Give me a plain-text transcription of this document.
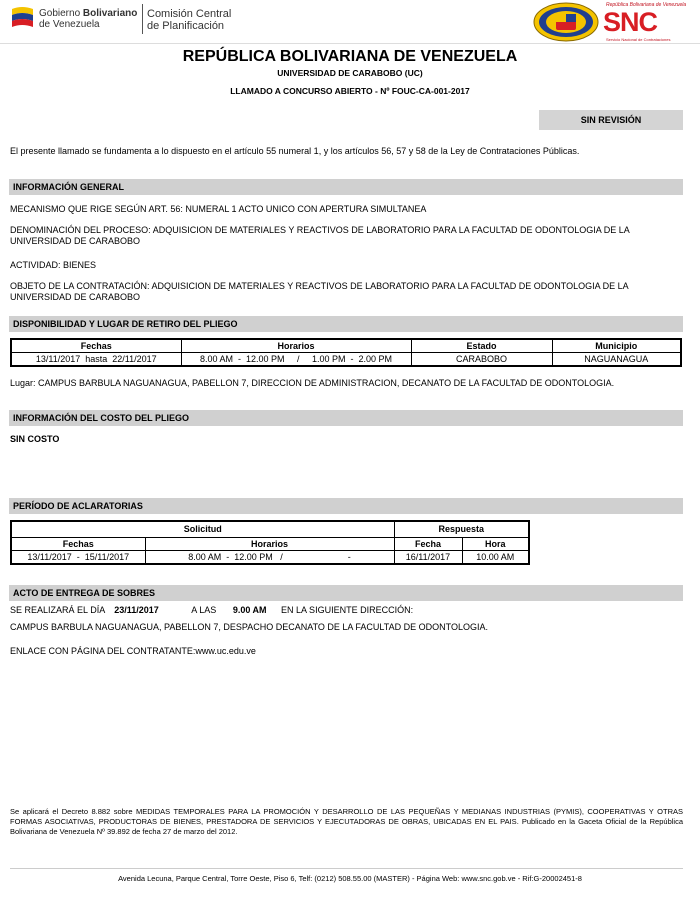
Gobierno Bolivariano
de Venezuela
Comisión Central
de Planificación
República Bolivariana de Venezuela
SNC
Servicio Nacional de Contrataciones
REPÚBLICA BOLIVARIANA DE VENEZUELA
UNIVERSIDAD DE CARABOBO (UC)
LLAMADO A CONCURSO ABIERTO - Nº FOUC-CA-001-2017
SIN REVISIÓN
El presente llamado se fundamenta a lo dispuesto en el artículo 55 numeral 1, y los artículos 56, 57 y 58 de la Ley de Contrataciones Públicas.
INFORMACIÓN GENERAL
MECANISMO QUE RIGE SEGÚN ART. 56: NUMERAL 1 ACTO UNICO CON APERTURA SIMULTANEA
DENOMINACIÓN DEL PROCESO: ADQUISICION DE MATERIALES Y REACTIVOS DE LABORATORIO PARA LA FACULTAD DE ODONTOLOGIA DE LA UNIVERSIDAD DE CARABOBO
ACTIVIDAD: BIENES
OBJETO DE LA CONTRATACIÓN: ADQUISICION DE MATERIALES Y REACTIVOS DE LABORATORIO PARA LA FACULTAD DE ODONTOLOGIA DE LA UNIVERSIDAD DE CARABOBO
DISPONIBILIDAD Y LUGAR DE RETIRO DEL PLIEGO
Fechas	Horarios	Estado	Municipio
13/11/2017  hasta  22/11/2017	8.00 AM  -  12.00 PM     /     1.00 PM  -  2.00 PM	CARABOBO	NAGUANAGUA
Lugar: CAMPUS BARBULA NAGUANAGUA, PABELLON 7, DIRECCION DE ADMINISTRACION, DECANATO DE LA FACULTAD DE ODONTOLOGIA.
INFORMACIÓN DEL COSTO DEL PLIEGO
SIN COSTO
PERÍODO DE ACLARATORIAS
Solicitud		Respuesta	
Fechas	Horarios	Fecha	Hora
13/11/2017  -  15/11/2017	8.00 AM  -  12.00 PM   /                          -	16/11/2017	10.00 AM
ACTO DE ENTREGA DE SOBRES
SE REALIZARÁ EL DÍA 23/11/2017	A LAS 9.00 AM EN LA SIGUIENTE DIRECCIÓN:
CAMPUS BARBULA NAGUANAGUA, PABELLON 7, DESPACHO DECANATO DE LA FACULTAD DE ODONTOLOGIA.
ENLACE CON PÁGINA DEL CONTRATANTE:www.uc.edu.ve
Se aplicará el Decreto 8.882 sobre MEDIDAS TEMPORALES PARA LA PROMOCIÓN Y DESARROLLO DE LAS PEQUEÑAS Y MEDIANAS INDUSTRIAS (PYMIS), COOPERATIVAS Y OTRAS FORMAS ASOCIATIVAS, PRODUCTORAS DE BIENES, PRESTADORA DE SERVICIOS Y EJECUTADORAS DE OBRAS, UBICADAS EN EL PAIS. Publicado en la Gaceta Oficial de la República Bolivariana de Venezuela Nº 39.892 de fecha 27 de marzo del 2012.
Avenida Lecuna, Parque Central, Torre Oeste, Piso 6, Telf: (0212) 508.55.00 (MASTER) - Página Web: www.snc.gob.ve - Rif:G-20002451-8
